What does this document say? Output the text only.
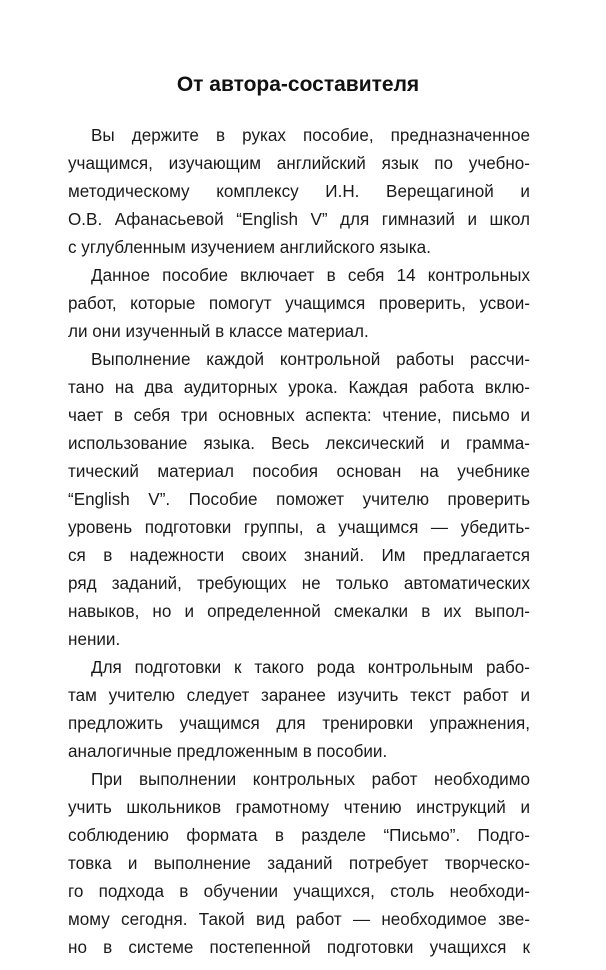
От автора-составителя
Вы держите в руках пособие, предназначенное
учащимся, изучающим английский язык по учебно-
методическому комплексу И.Н. Верещагиной и
О.В. Афанасьевой “English V” для гимназий и школ
с углубленным изучением английского языка.
Данное пособие включает в себя 14 контрольных
работ, которые помогут учащимся проверить, усвои-
ли они изученный в классе материал.
Выполнение каждой контрольной работы рассчи-
тано на два аудиторных урока. Каждая работа вклю-
чает в себя три основных аспекта: чтение, письмо и
использование языка. Весь лексический и грамма-
тический материал пособия основан на учебнике
“English V”. Пособие поможет учителю проверить
уровень подготовки группы, а учащимся — убедить-
ся в надежности своих знаний. Им предлагается
ряд заданий, требующих не только автоматических
навыков, но и определенной смекалки в их выпол-
нении.
Для подготовки к такого рода контрольным рабо-
там учителю следует заранее изучить текст работ и
предложить учащимся для тренировки упражнения,
аналогичные предложенным в пособии.
При выполнении контрольных работ необходимо
учить школьников грамотному чтению инструкций и
соблюдению формата в разделе “Письмо”. Подго-
товка и выполнение заданий потребует творческо-
го подхода в обучении учащихся, столь необходи-
мому сегодня. Такой вид работ — необходимое зве-
но в системе постепенной подготовки учащихся к
